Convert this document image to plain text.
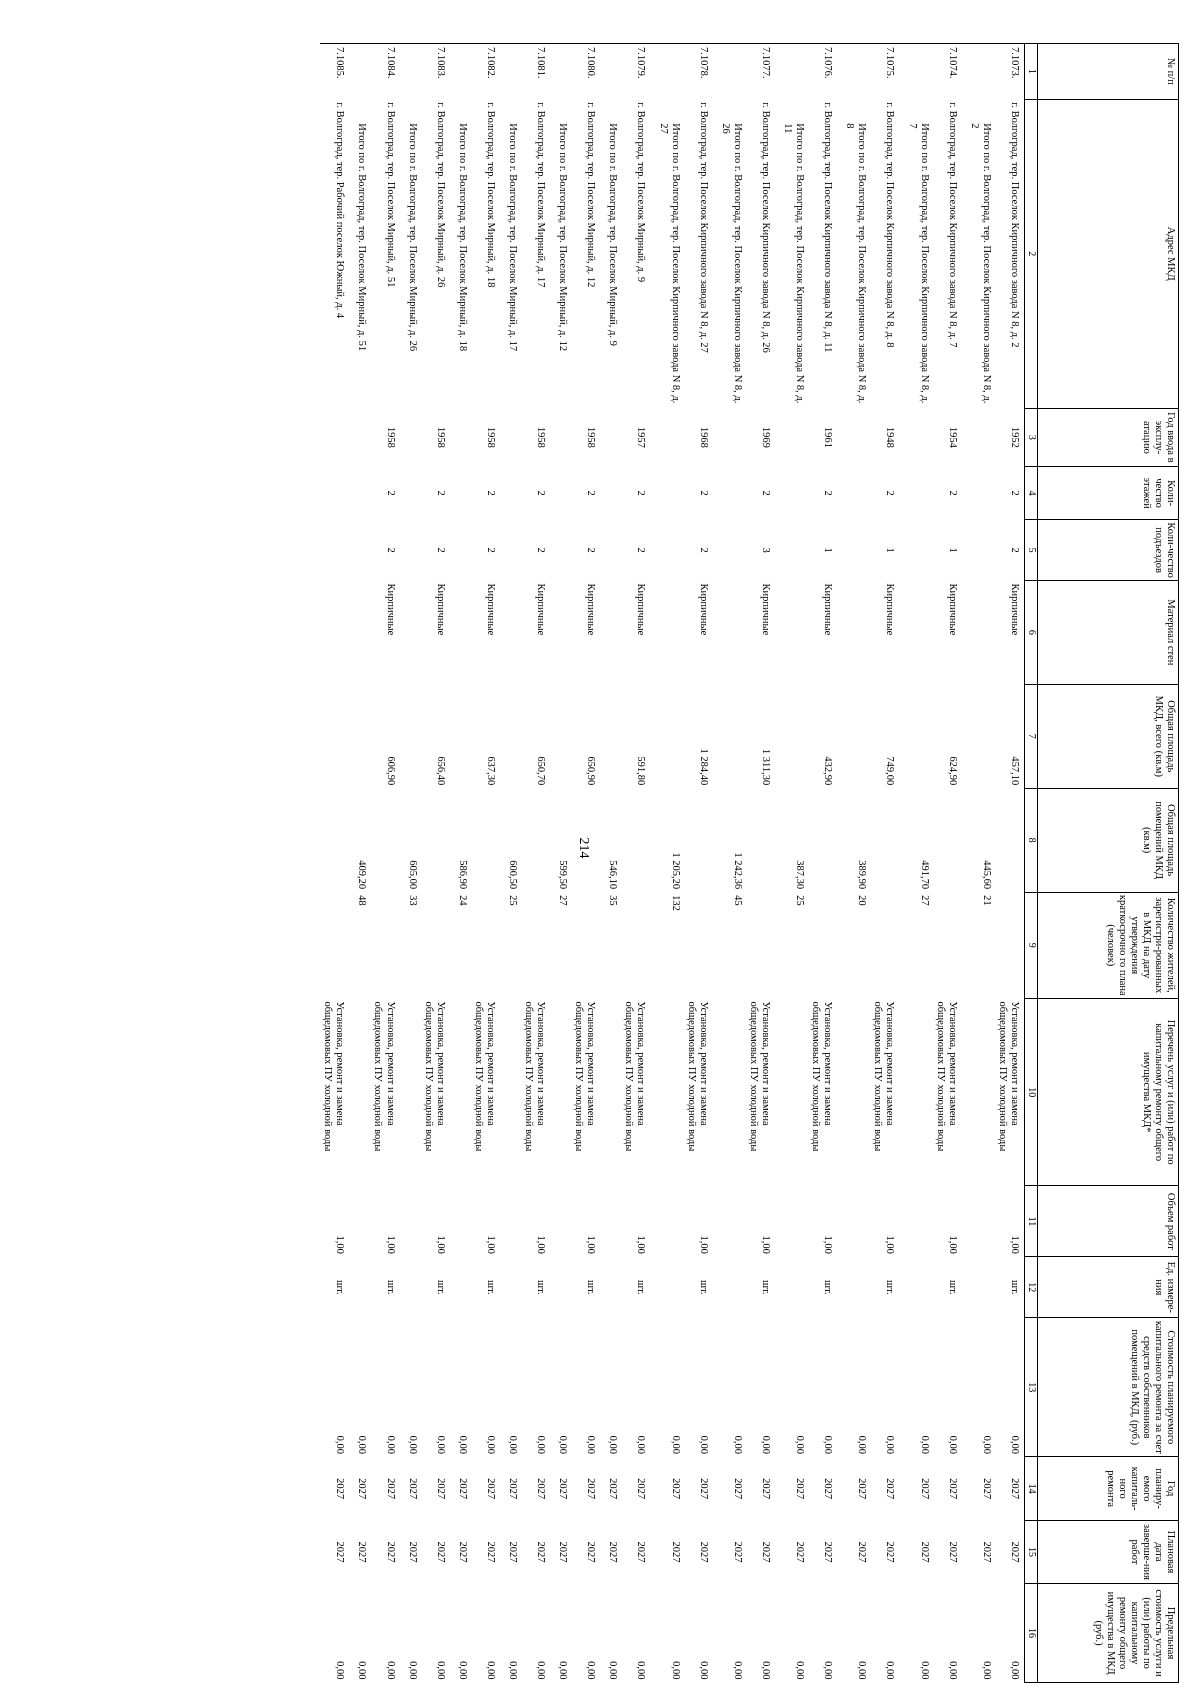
214
№ п/п	Адрес МКД	Год ввода в эксплу-атацию	Коли-чество этажей	Коли-чество подъездов	Материал стен	Общая площадь МКД, всего (кв.м)	Общая площадь помещений МКД (кв.м)	Количество жителей, зарегистри-рованных в МКД на дату утверждения краткосрочно го плана (человек)	Перечень услуг и (или) работ по капитальному ремонту общего имущества МКД*	Объем работ	Ед. измере-ния	Стоимость планируемого капитального ремонта за счет средств собственников помещений в МКД, (руб.)	Год планиру-емого капиталь-ного ремонта	Плановая дата заверше-ния работ	Предельная стоимость услуги и (или) работы по капитальному ремонту общего имущества в МКД (руб.)
1	2	3	4	5	6	7	8	9	10	11	12	13	14	15	16
7.1073.	г. Волгоград, тер. Поселок Кирпичного завода N 8, д. 2	1952	2	2	Кирпичные	457,10			Установка, ремонт и замена общедомовых ПУ холодной воды	1,00	шт.	0,00	2027	2027	0,00
	Итого по г. Волгоград, тер. Поселок Кирпичного завода N 8, д. 2						445,60	21				0,00	2027	2027	0,00
7.1074.	г. Волгоград, тер. Поселок Кирпичного завода N 8, д. 7	1954	2	1	Кирпичные	624,90			Установка, ремонт и замена общедомовых ПУ холодной воды	1,00	шт.	0,00	2027	2027	0,00
	Итого по г. Волгоград, тер. Поселок Кирпичного завода N 8, д. 7						491,70	27				0,00	2027	2027	0,00
7.1075.	г. Волгоград, тер. Поселок Кирпичного завода N 8, д. 8	1948	2	1	Кирпичные	749,00			Установка, ремонт и замена общедомовых ПУ холодной воды	1,00	шт.	0,00	2027	2027	0,00
	Итого по г. Волгоград, тер. Поселок Кирпичного завода N 8, д. 8						389,90	20				0,00	2027	2027	0,00
7.1076.	г. Волгоград, тер. Поселок Кирпичного завода N 8, д. 11	1961	2	1	Кирпичные	432,90			Установка, ремонт и замена общедомовых ПУ холодной воды	1,00	шт.	0,00	2027	2027	0,00
	Итого по г. Волгоград, тер. Поселок Кирпичного завода N 8, д. 11						387,30	25				0,00	2027	2027	0,00
7.1077.	г. Волгоград, тер. Поселок Кирпичного завода N 8, д. 26	1969	2	3	Кирпичные	1 311,30			Установка, ремонт и замена общедомовых ПУ холодной воды	1,00	шт.	0,00	2027	2027	0,00
	Итого по г. Волгоград, тер. Поселок Кирпичного завода N 8, д. 26						1 242,36	45				0,00	2027	2027	0,00
7.1078.	г. Волгоград, тер. Поселок Кирпичного завода N 8, д. 27	1968	2	2	Кирпичные	1 284,40			Установка, ремонт и замена общедомовых ПУ холодной воды	1,00	шт.	0,00	2027	2027	0,00
	Итого по г. Волгоград, тер. Поселок Кирпичного завода N 8, д. 27						1 205,20	132				0,00	2027	2027	0,00
7.1079.	г. Волгоград, тер. Поселок Мирный, д. 9	1957	2	2	Кирпичные	591,80			Установка, ремонт и замена общедомовых ПУ холодной воды	1,00	шт.	0,00	2027	2027	0,00
	Итого по г. Волгоград, тер. Поселок Мирный, д. 9						546,10	35				0,00	2027	2027	0,00
7.1080.	г. Волгоград, тер. Поселок Мирный, д. 12	1958	2	2	Кирпичные	650,90			Установка, ремонт и замена общедомовых ПУ холодной воды	1,00	шт.	0,00	2027	2027	0,00
	Итого по г. Волгоград, тер. Поселок Мирный, д. 12						599,50	27				0,00	2027	2027	0,00
7.1081.	г. Волгоград, тер. Поселок Мирный, д. 17	1958	2	2	Кирпичные	650,70			Установка, ремонт и замена общедомовых ПУ холодной воды	1,00	шт.	0,00	2027	2027	0,00
	Итого по г. Волгоград, тер. Поселок Мирный, д. 17						600,50	25				0,00	2027	2027	0,00
7.1082.	г. Волгоград, тер. Поселок Мирный, д. 18	1958	2	2	Кирпичные	637,30			Установка, ремонт и замена общедомовых ПУ холодной воды	1,00	шт.	0,00	2027	2027	0,00
	Итого по г. Волгоград, тер. Поселок Мирный, д. 18						586,90	24				0,00	2027	2027	0,00
7.1083.	г. Волгоград, тер. Поселок Мирный, д. 26	1958	2	2	Кирпичные	656,40			Установка, ремонт и замена общедомовых ПУ холодной воды	1,00	шт.	0,00	2027	2027	0,00
	Итого по г. Волгоград, тер. Поселок Мирный, д. 26						605,00	33				0,00	2027	2027	0,00
7.1084.	г. Волгоград, тер. Поселок Мирный, д. 51	1958	2	2	Кирпичные	606,90			Установка, ремонт и замена общедомовых ПУ холодной воды	1,00	шт.	0,00	2027	2027	0,00
	Итого по г. Волгоград, тер. Поселок Мирный, д. 51						409,20	48				0,00	2027	2027	0,00
7.1085.	г. Волгоград, тер. Рабочий поселок Южный, д. 4								Установка, ремонт и замена общедомовых ПУ холодной воды	1,00	шт.	0,00	2027	2027	0,00
